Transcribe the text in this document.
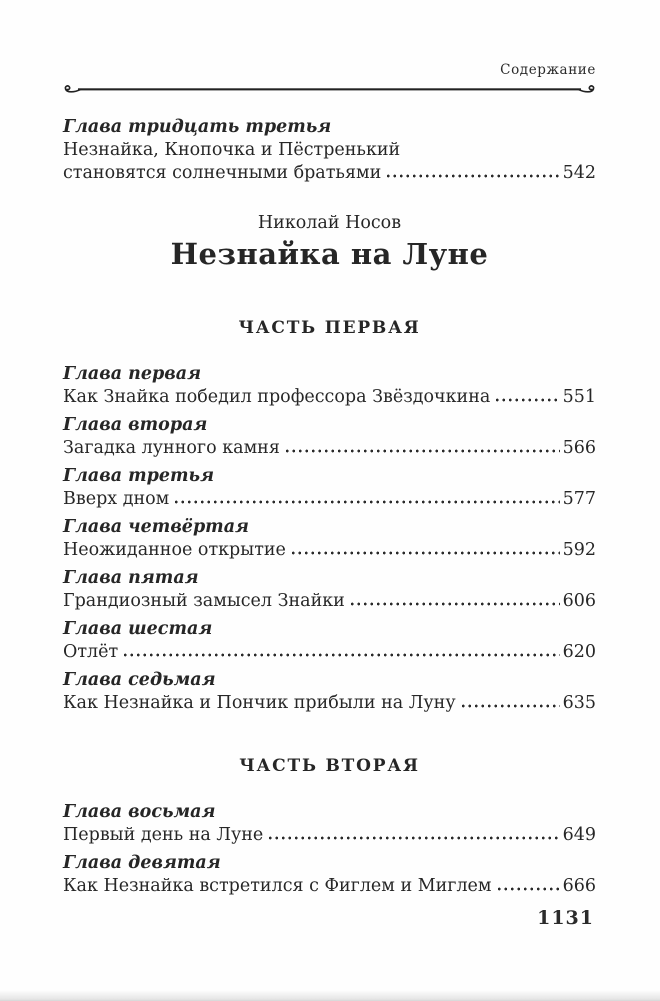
Содержание
Глава тридцать третья
Незнайка, Кнопочка и Пёстренький
становятся солнечными братьями	542
Николай Носов
Незнайка на Луне
ЧАСТЬ ПЕРВАЯ
Глава первая
Как Знайка победил профессора Звёздочкина	551
Глава вторая
Загадка лунного камня	566
Глава третья
Вверх дном	577
Глава четвёртая
Неожиданное открытие	592
Глава пятая
Грандиозный замысел Знайки	606
Глава шестая
Отлёт	620
Глава седьмая
Как Незнайка и Пончик прибыли на Луну	635
ЧАСТЬ ВТОРАЯ
Глава восьмая
Первый день на Луне	649
Глава девятая
Как Незнайка встретился с Фиглем и Миглем	666
1131
